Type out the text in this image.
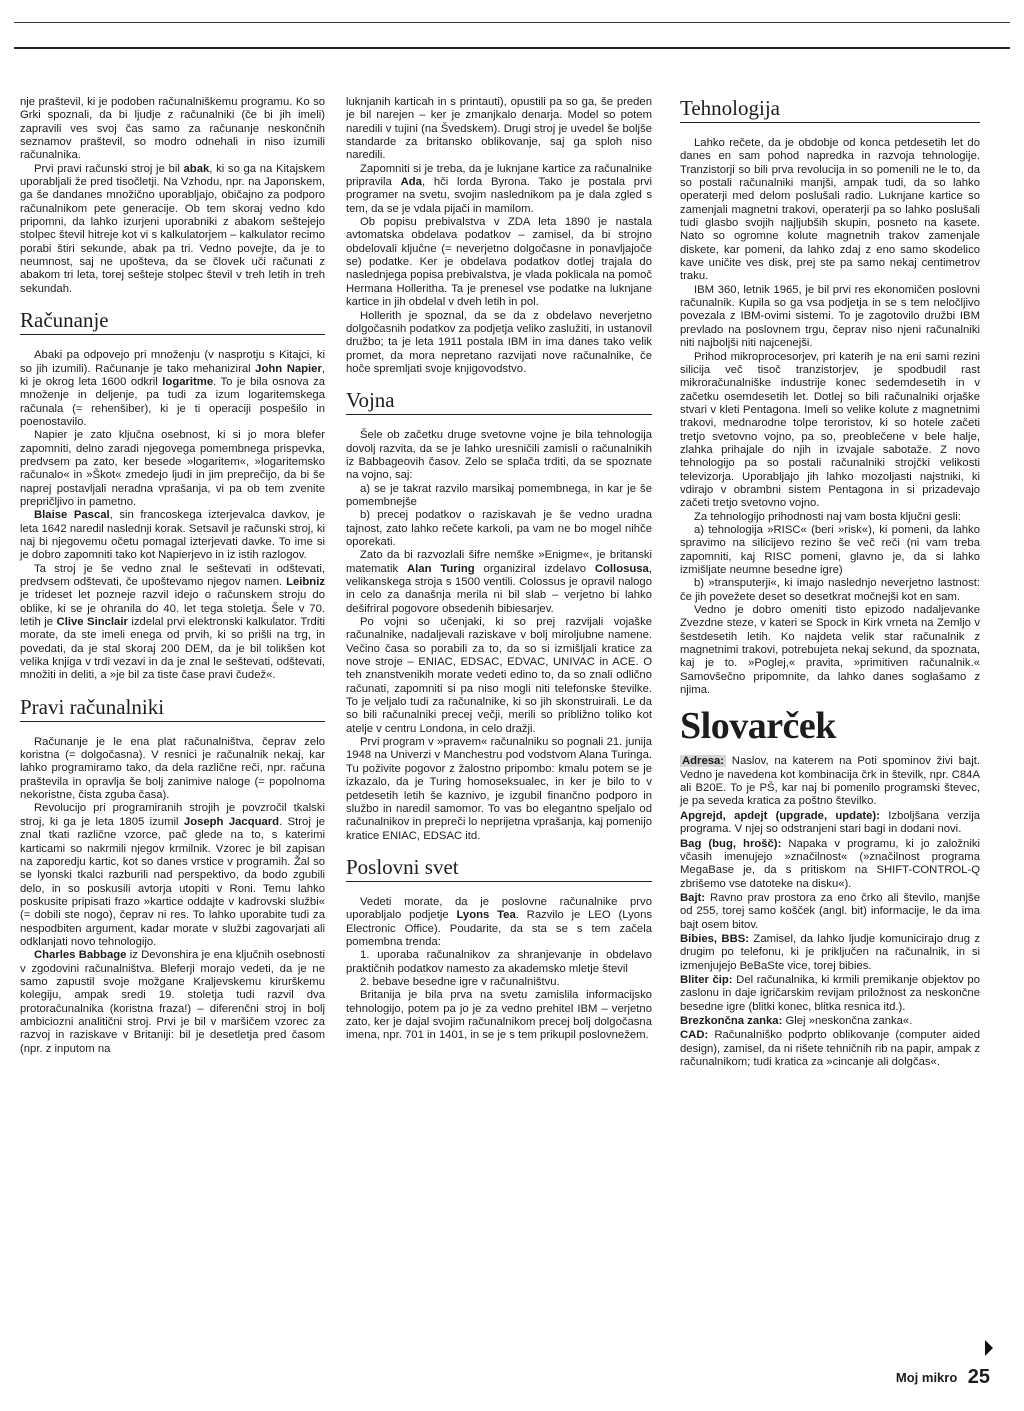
nje praštevil, ki je podoben računalniškemu programu. Ko so Grki spoznali, da bi ljudje z računalniki (če bi jih imeli) zapravili ves svoj čas samo za računanje neskončnih seznamov praštevil, so modro odnehali in niso izumili računalnika.

Prvi pravi računski stroj je bil abak, ki so ga na Kitajskem uporabljali že pred tisočletji. Na Vzhodu, npr. na Japonskem, ga še dandanes množično uporabljajo, običajno za podporo računalnikom pete generacije. Ob tem skoraj vedno kdo pripomni, da lahko izurjeni uporabniki z abakom seštejejo stolpec števil hitreje kot vi s kalkulatorjem – kalkulator recimo porabi štiri sekunde, abak pa tri. Vedno povejte, da je to neumnost, saj ne upošteva, da se človek uči računati z abakom tri leta, torej sešteje stolpec števil v treh letih in treh sekundah.

Računanje

Abaki pa odpovejo pri množenju (v nasprotju s Kitajci, ki so jih izumili). Računanje je tako mehaniziral John Napier, ki je okrog leta 1600 odkril logaritme. To je bila osnova za množenje in deljenje, pa tudi za izum logaritemskega računala (= rehenšiber), ki je ti operaciji pospešilo in poenostavilo.

Napier je zato ključna osebnost, ki si jo mora blefer zapomniti, delno zaradi njegovega pomembnega prispevka, predvsem pa zato, ker besede »logaritem«, »logaritemsko računalo« in »Škot« zmedejo ljudi in jim preprečijo, da bi še naprej postavljali neradna vprašanja, vi pa ob tem zvenite prepričljivo in pametno.

Blaise Pascal, sin francoskega izterjevalca davkov, je leta 1642 naredil naslednji korak. Setsavil je računski stroj, ki naj bi njegovemu očetu pomagal izterjevati davke. To ime si je dobro zapomniti tako kot Napierjevo in iz istih razlogov.

Ta stroj je še vedno znal le seštevati in odštevati, predvsem odštevati, če upoštevamo njegov namen. Leibniz je trideset let pozneje razvil idejo o računskem stroju do oblike, ki se je ohranila do 40. let tega stoletja. Šele v 70. letih je Clive Sinclair izdelal prvi elektronski kalkulator. Trditi morate, da ste imeli enega od prvih, ki so prišli na trg, in povedati, da je stal skoraj 200 DEM, da je bil tolikšen kot velika knjiga v trdi vezavi in da je znal le seštevati, odštevati, množiti in deliti, a »je bil za tiste čase pravi čudež«.

Pravi računalniki

Računanje je le ena plat računalništva, čeprav zelo koristna (= dolgočasna). V resnici je računalnik nekaj, kar lahko programiramo tako, da dela različne reči, npr. računa praštevila in opravlja še bolj zanimive naloge (= popolnoma nekoristne, čista zguba časa).

Revolucijo pri programiranih strojih je povzročil tkalski stroj, ki ga je leta 1805 izumil Joseph Jacquard. Stroj je znal tkati različne vzorce, pač glede na to, s katerimi karticami so nakrmili njegov krmilnik. Vzorec je bil zapisan na zaporedju kartic, kot so danes vrstice v programih. Žal so se lyonski tkalci razburili nad perspektivo, da bodo zgubili delo, in so poskusili avtorja utopiti v Roni. Temu lahko poskusite pripisati frazo »kartice oddajte v kadrovski službi« (= dobili ste nogo), čeprav ni res. To lahko uporabite tudi za nespodbiten argument, kadar morate v službi zagovarjati ali odklanjati novo tehnologijo.

Charles Babbage iz Devonshira je ena ključnih osebnosti v zgodovini računalništva. Bleferji morajo vedeti, da je ne samo zapustil svoje možgane Kraljevskemu kirurškemu kolegiju, ampak sredi 19. stoletja tudi razvil dva protoračunalnika (koristna fraza!) – diferenčni stroj in bolj ambiciozni analitični stroj. Prvi je bil v maršičem vzorec za razvoj in raziskave v Britaniji: bil je desetletja pred časom (npr. z inputom na

luknjanih karticah in s printauti), opustili pa so ga, še preden je bil narejen – ker je zmanjkalo denarja. Model so potem naredili v tujini (na Švedskem). Drugi stroj je uvedel še boljše standarde za britansko oblikovanje, saj ga sploh niso naredili.

Zapomniti si je treba, da je luknjane kartice za računalnike pripravila Ada, hči lorda Byrona. Tako je postala prvi programer na svetu, svojim naslednikom pa je dala zgled s tem, da se je vdala pijači in mamilom.

Ob popisu prebivalstva v ZDA leta 1890 je nastala avtomatska obdelava podatkov – zamisel, da bi strojno obdelovali ključne (= neverjetno dolgočasne in ponavljajoče se) podatke. Ker je obdelava podatkov dotlej trajala do naslednjega popisa prebivalstva, je vlada poklicala na pomoč Hermana Holleritha. Ta je prenesel vse podatke na luknjane kartice in jih obdelal v dveh letih in pol.

Hollerith je spoznal, da se da z obdelavo neverjetno dolgočasnih podatkov za podjetja veliko zaslužiti, in ustanovil družbo; ta je leta 1911 postala IBM in ima danes tako velik promet, da mora nepretano razvijati nove računalnike, če hoče spremljati svoje knjigovodstvo.

Vojna

Šele ob začetku druge svetovne vojne je bila tehnologija dovolj razvita, da se je lahko uresničili zamisli o računalnikih iz Babbageovih časov. Zelo se splača trditi, da se spoznate na vojno, saj:

a) se je takrat razvilo marsikaj pomembnega, in kar je še pomembnejše

b) precej podatkov o raziskavah je še vedno uradna tajnost, zato lahko rečete karkoli, pa vam ne bo mogel nihče oporekati.

Zato da bi razvozlali šifre nemške »Enigme«, je britanski matematik Alan Turing organiziral izdelavo Collosusa, velikanskega stroja s 1500 ventili. Colossus je opravil nalogo in celo za današnja merila ni bil slab – verjetno bi lahko dešifriral pogovore obsedenih bibiesarjev.

Po vojni so učenjaki, ki so prej razvijali vojaške računalnike, nadaljevali raziskave v bolj miroljubne namene. Večino časa so porabili za to, da so si izmišljali kratice za nove stroje – ENIAC, EDSAC, EDVAC, UNIVAC in ACE. O teh znanstvenikih morate vedeti edino to, da so znali odlično računati, zapomniti si pa niso mogli niti telefonske številke. To je veljalo tudi za računalnike, ki so jih skonstruirali. Le da so bili računalniki precej večji, merili so približno toliko kot atelje v centru Londona, in celo dražji.

Prvi program v »pravem« računalniku so pognali 21. junija 1948 na Univerzi v Manchestru pod vodstvom Alana Turinga. Tu poživite pogovor z žalostno pripombo: kmalu potem se je izkazalo, da je Turing homoseksualec, in ker je bilo to v petdesetih letih še kaznivo, je izgubil finančno podporo in službo in naredil samomor. To vas bo elegantno speljalo od računalnikov in prepreči lo neprijetna vprašanja, kaj pomenijo kratice ENIAC, EDSAC itd.

Poslovni svet

Vedeti morate, da je poslovne računalnike prvo uporabljalo podjetje Lyons Tea. Razvilo je LEO (Lyons Electronic Office). Poudarite, da sta se s tem začela pomembna trenda:

1. uporaba računalnikov za shranjevanje in obdelavo praktičnih podatkov namesto za akademsko mletje števil

2. bebave besedne igre v računalništvu.

Britanija je bila prva na svetu zamislila informacijsko tehnologijo, potem pa jo je za vedno prehitel IBM – verjetno zato, ker je dajal svojim računalnikom precej bolj dolgočasna imena, npr. 701 in 1401, in se je s tem prikupil poslovnežem.

Tehnologija

Lahko rečete, da je obdobje od konca petdesetih let do danes en sam pohod napredka in razvoja tehnologije. Tranzistorji so bili prva revolucija in so pomenili ne le to, da so postali računalniki manjši, ampak tudi, da so lahko operaterji med delom poslušali radio. Luknjane kartice so zamenjali magnetni trakovi, operaterji pa so lahko poslušali tudi glasbo svojih najljubših skupin, posneto na kasete. Nato so ogromne kolute magnetnih trakov zamenjale diskete, kar pomeni, da lahko zdaj z eno samo skodelico kave uničite ves disk, prej ste pa samo nekaj centimetrov traku.

IBM 360, letnik 1965, je bil prvi res ekonomičen poslovni računalnik. Kupila so ga vsa podjetja in se s tem neločljivo povezala z IBM-ovimi sistemi. To je zagotovilo družbi IBM prevlado na poslovnem trgu, čeprav niso njeni računalniki niti najboljši niti najcenejši.

Prihod mikroprocesorjev, pri katerih je na eni sami rezini silicija več tisoč tranzistorjev, je spodbudil rast mikroračunalniške industrije konec sedemdesetih in v začetku osemdesetih let. Dotlej so bili računalniki orjaške stvari v kleti Pentagona. Imeli so velike kolute z magnetnimi trakovi, mednarodne tolpe teroristov, ki so hotele začeti tretjo svetovno vojno, pa so, preoblečene v bele halje, zlahka prihajale do njih in izvajale sabotaže. Z novo tehnologijo pa so postali računalniki strojčki velikosti televizorja. Uporabljajo jih lahko mozoljasti najstniki, ki vdirajo v obrambni sistem Pentagona in si prizadevajo začeti tretjo svetovno vojno.

Za tehnologijo prihodnosti naj vam bosta ključni gesli:

a) tehnologija »RISC« (beri »risk«), ki pomeni, da lahko spravimo na silicijevo rezino še več reči (ni vam treba zapomniti, kaj RISC pomeni, glavno je, da si lahko izmišljate neumne besedne igre)

b) »transputerji«, ki imajo naslednjo neverjetno lastnost: če jih povežete deset so desetkrat močnejši kot en sam.

Vedno je dobro omeniti tisto epizodo nadaljevanke Zvezdne steze, v kateri se Spock in Kirk vrneta na Zemljo v šestdesetih letih. Ko najdeta velik star računalnik z magnetnimi trakovi, potrebujeta nekaj sekund, da spoznata, kaj je to. »Poglej,« pravita, »primitiven računalnik.« Samovšečno pripomnite, da lahko danes soglašamo z njima.

Slovarček

Adresa: Naslov, na katerem na Poti spominov živi bajt. Vedno je navedena kot kombinacija črk in številk, npr. C84A ali B20E. To je PŠ, kar naj bi pomenilo programski števec, je pa seveda kratica za poštno številko.

Apgrejd, apdejt (upgrade, update): Izboljšana verzija programa. V njej so odstranjeni stari bagi in dodani novi.

Bag (bug, hrošč): Napaka v programu, ki jo založniki včasih imenujejo »značilnost« (»značilnost programa MegaBase je, da s pritiskom na SHIFT-CONTROL-Q zbrišemo vse datoteke na disku«).

Bajt: Ravno prav prostora za eno črko ali število, manjše od 255, torej samo košček (angl. bit) informacije, le da ima bajt osem bitov.

Bibies, BBS: Zamisel, da lahko ljudje komunicirajo drug z drugim po telefonu, ki je priključen na računalnik, in si izmenjujejo BeBaSte vice, torej bibies.

Bliter čip: Del računalnika, ki krmili premikanje objektov po zaslonu in daje igričarskim revijam priložnost za neskončne besedne igre (blitki konec, blitka resnica itd.).

Brezkončna zanka: Glej »neskončna zanka«.

CAD: Računalniško podprto oblikovanje (computer aided design), zamisel, da ni rišete tehničnih rib na papir, ampak z računalnikom; tudi kratica za »cincanje ali dolgčas«.

Moj mikro 25
